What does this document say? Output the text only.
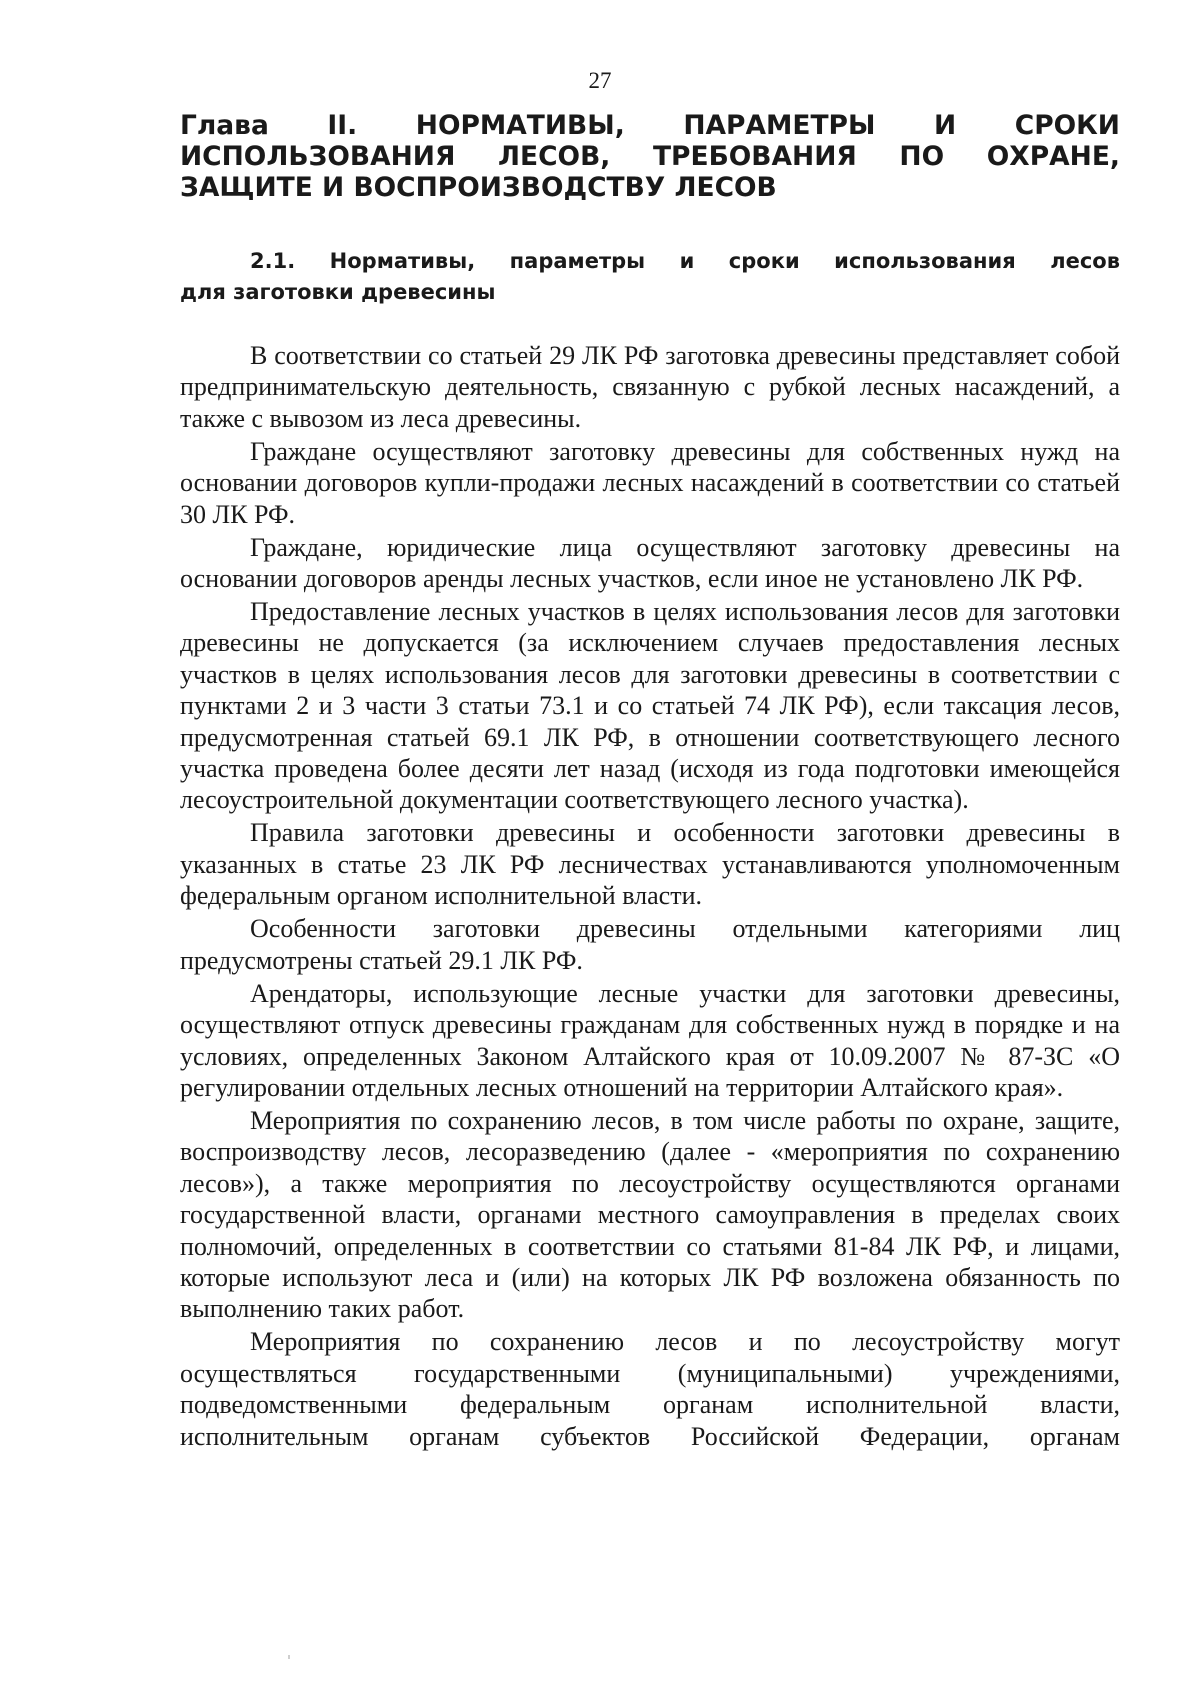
27
Глава II. НОРМАТИВЫ, ПАРАМЕТРЫ И СРОКИ
ИСПОЛЬЗОВАНИЯ ЛЕСОВ, ТРЕБОВАНИЯ ПО ОХРАНЕ, ЗАЩИТЕ И ВОСПРОИЗВОДСТВУ ЛЕСОВ
2.1. Нормативы, параметры и сроки использования лесов
для заготовки древесины

В соответствии со статьей 29 ЛК РФ заготовка древесины представляет собой предпринимательскую деятельность, связанную с рубкой лесных насаждений, а также с вывозом из леса древесины.

Граждане осуществляют заготовку древесины для собственных нужд на основании договоров купли-продажи лесных насаждений в соответствии со статьей 30 ЛК РФ.

Граждане, юридические лица осуществляют заготовку древесины на основании договоров аренды лесных участков, если иное не установлено ЛК РФ.

Предоставление лесных участков в целях использования лесов для заготовки древесины не допускается (за исключением случаев предоставления лесных участков в целях использования лесов для заготовки древесины в соответствии с пунктами 2 и 3 части 3 статьи 73.1 и со статьей 74 ЛК РФ), если таксация лесов, предусмотренная статьей 69.1 ЛК РФ, в отношении соответствующего лесного участка проведена более десяти лет назад (исходя из года подготовки имеющейся лесоустроительной документации соответствующего лесного участка).

Правила заготовки древесины и особенности заготовки древесины в указанных в статье 23 ЛК РФ лесничествах устанавливаются уполномоченным федеральным органом исполнительной власти.

Особенности заготовки древесины отдельными категориями лиц предусмотрены статьей 29.1 ЛК РФ.

Арендаторы, использующие лесные участки для заготовки древесины, осуществляют отпуск древесины гражданам для собственных нужд в порядке и на условиях, определенных Законом Алтайского края от 10.09.2007 № 87-ЗС «О регулировании отдельных лесных отношений на территории Алтайского края».

Мероприятия по сохранению лесов, в том числе работы по охране, защите, воспроизводству лесов, лесоразведению (далее - «мероприятия по сохранению лесов»), а также мероприятия по лесоустройству осуществляются органами государственной власти, органами местного самоуправления в пределах своих полномочий, определенных в соответствии со статьями 81-84 ЛК РФ, и лицами, которые используют леса и (или) на которых ЛК РФ возложена обязанность по выполнению таких работ.

Мероприятия по сохранению лесов и по лесоустройству могут осуществляться государственными (муниципальными) учреждениями, подведомственными федеральным органам исполнительной власти, исполнительным органам субъектов Российской Федерации, органам
